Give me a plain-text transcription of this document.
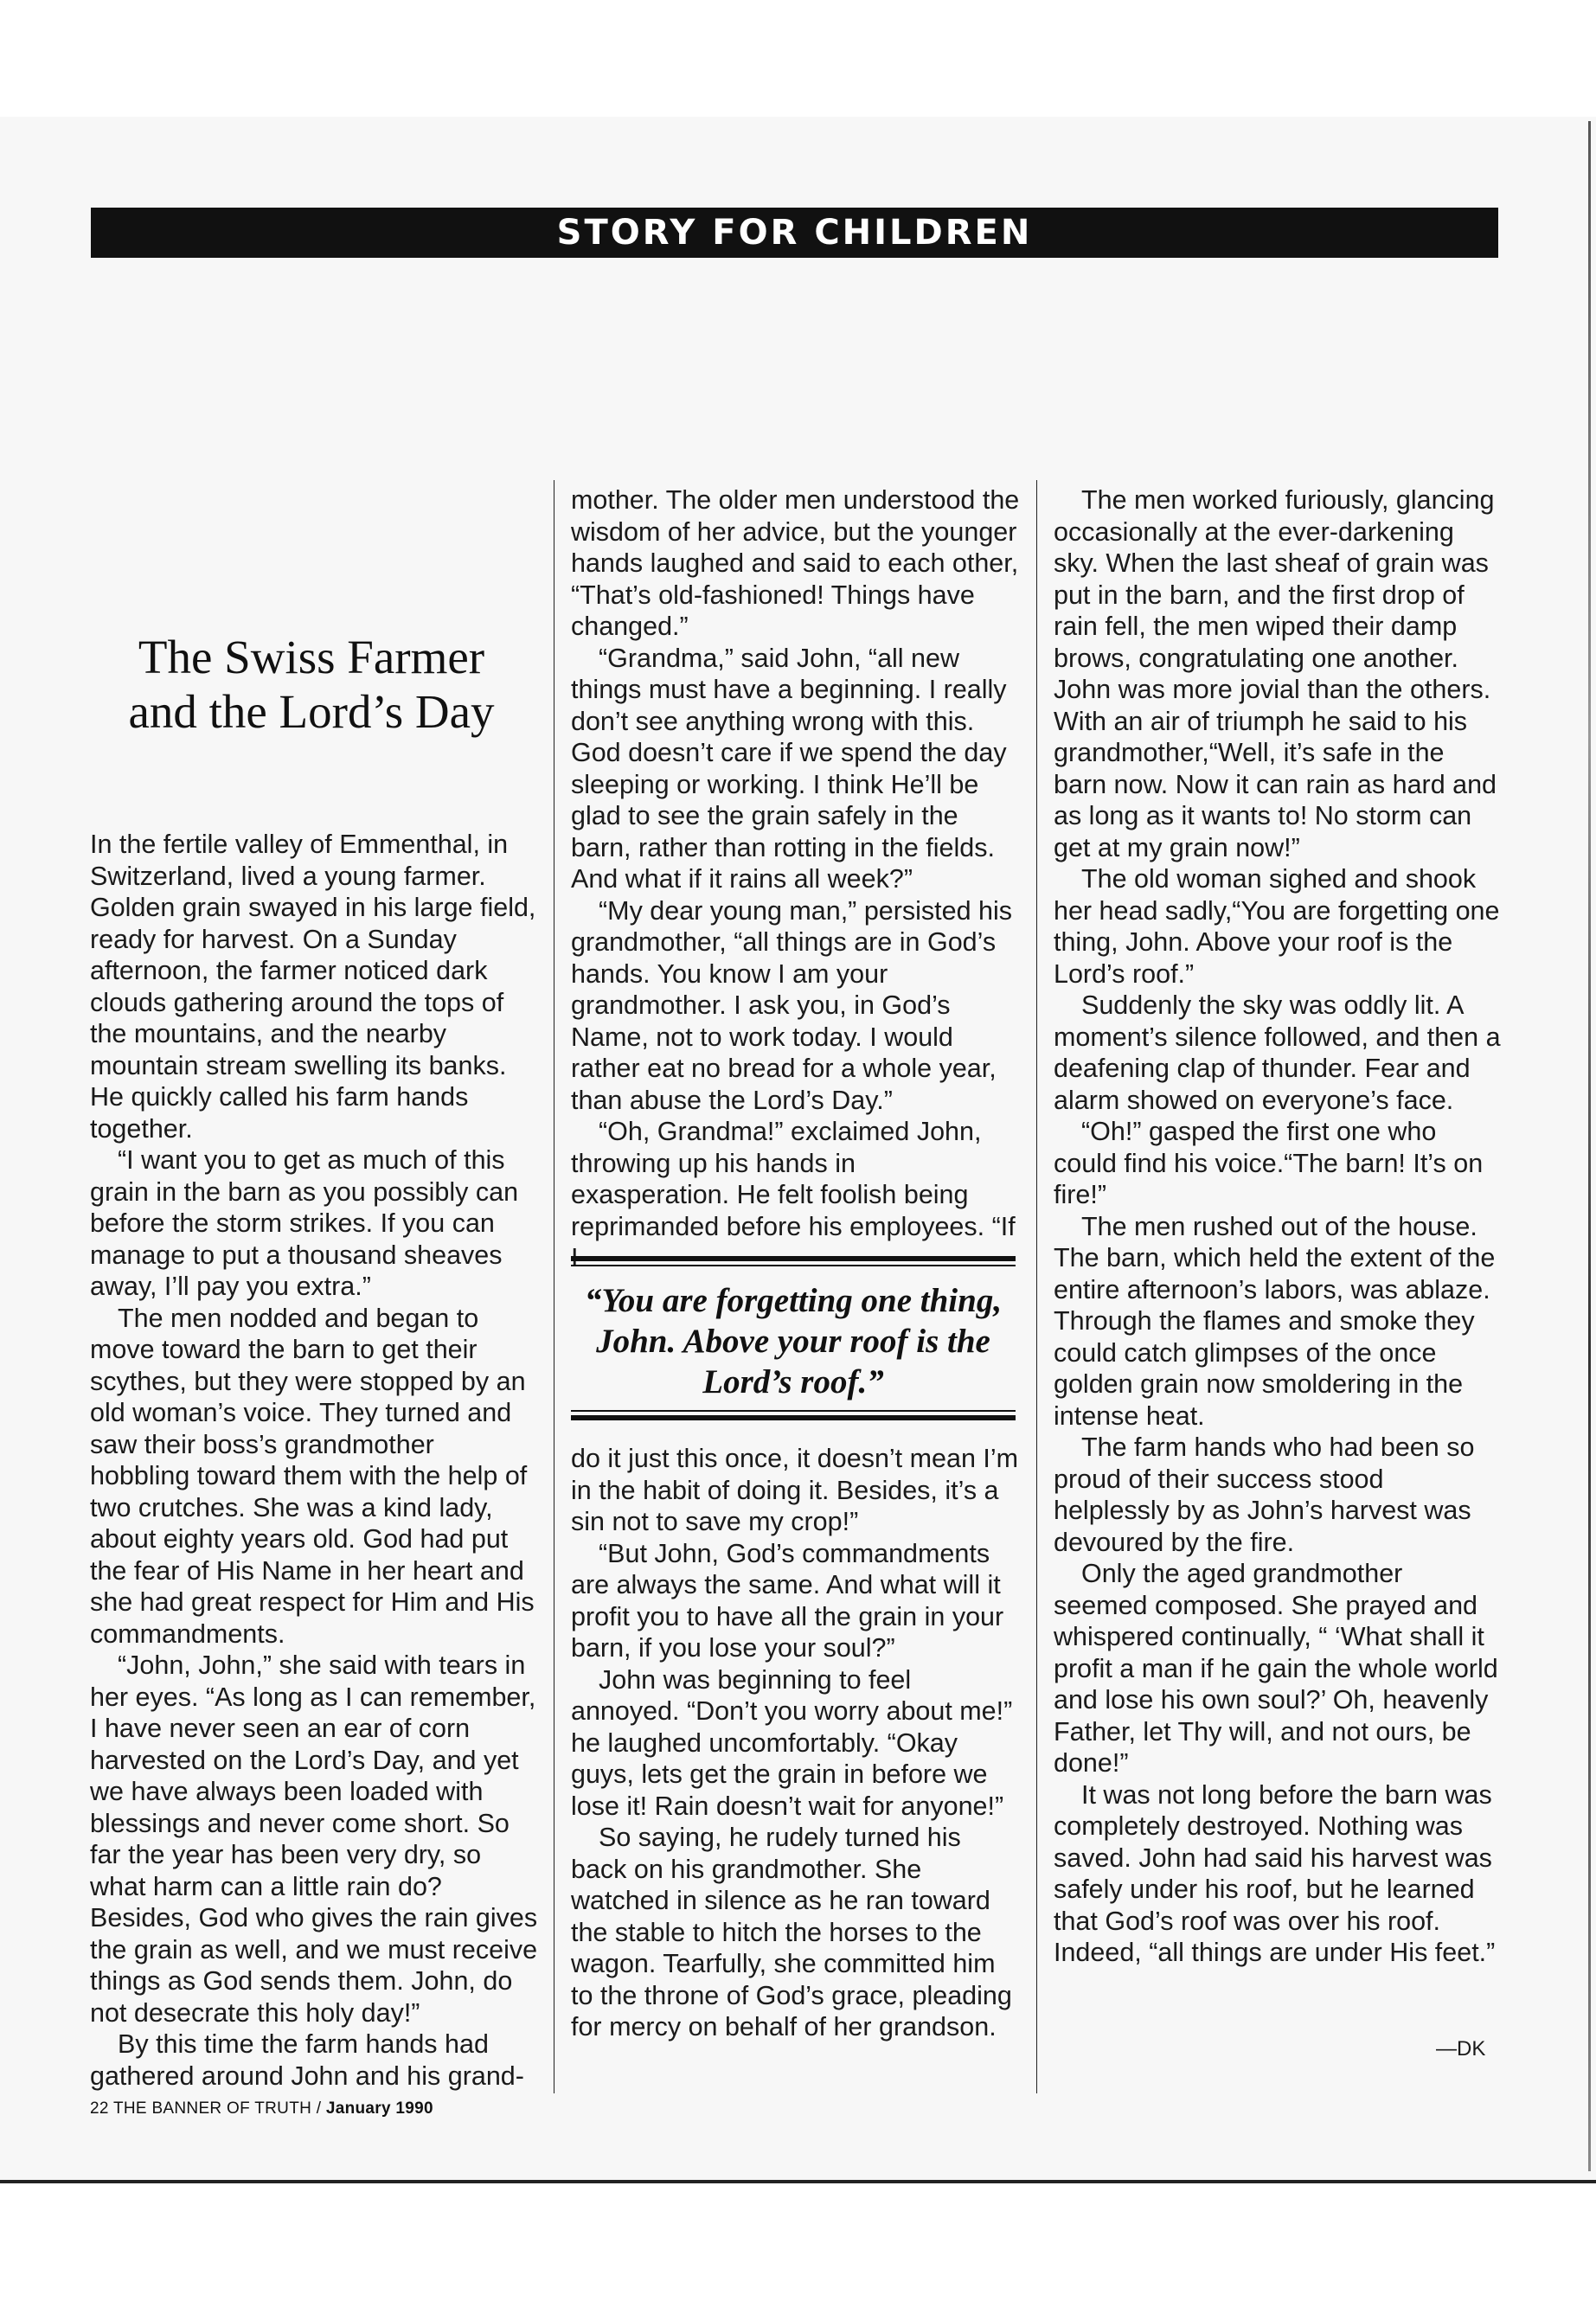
STORY FOR CHILDREN
The Swiss Farmer
and the Lord’s Day

In the fertile valley of Emmenthal, in Switzerland, lived a young farmer. Golden grain swayed in his large field, ready for harvest. On a Sunday afternoon, the farmer noticed dark clouds gathering around the tops of the mountains, and the nearby mountain stream swelling its banks. He quickly called his farm hands together.

“I want you to get as much of this grain in the barn as you possibly can before the storm strikes. If you can manage to put a thousand sheaves away, I’ll pay you extra.”

The men nodded and began to move toward the barn to get their scythes, but they were stopped by an old woman’s voice. They turned and saw their boss’s grandmother hobbling toward them with the help of two crutches. She was a kind lady, about eighty years old. God had put the fear of His Name in her heart and she had great respect for Him and His commandments.

“John, John,” she said with tears in her eyes. “As long as I can remember, I have never seen an ear of corn harvested on the Lord’s Day, and yet we have always been loaded with blessings and never come short. So far the year has been very dry, so what harm can a little rain do? Besides, God who gives the rain gives the grain as well, and we must receive things as God sends them. John, do not desecrate this holy day!”

By this time the farm hands had gathered around John and his grand-

mother. The older men understood the wisdom of her advice, but the younger hands laughed and said to each other, “That’s old-fashioned! Things have changed.”

“Grandma,” said John, “all new things must have a beginning. I really don’t see anything wrong with this. God doesn’t care if we spend the day sleeping or working. I think He’ll be glad to see the grain safely in the barn, rather than rotting in the fields. And what if it rains all week?”

“My dear young man,” persisted his grandmother, “all things are in God’s hands. You know I am your grandmother. I ask you, in God’s Name, not to work today. I would rather eat no bread for a whole year, than abuse the Lord’s Day.”

“Oh, Grandma!” exclaimed John, throwing up his hands in exasperation. He felt foolish being reprimanded before his employees. “If

“You are forgetting one thing, John. Above your roof is the Lord’s roof.”

do it just this once, it doesn’t mean I’m in the habit of doing it. Besides, it’s a sin not to save my crop!”

“But John, God’s commandments are always the same. And what will it profit you to have all the grain in your barn, if you lose your soul?”

John was beginning to feel annoyed. “Don’t you worry about me!” he laughed uncomfortably. “Okay guys, lets get the grain in before we lose it! Rain doesn’t wait for anyone!”

So saying, he rudely turned his back on his grandmother. She watched in silence as he ran toward the stable to hitch the horses to the wagon. Tearfully, she committed him to the throne of God’s grace, pleading for mercy on behalf of her grandson.

The men worked furiously, glancing occasionally at the ever-darkening sky. When the last sheaf of grain was put in the barn, and the first drop of rain fell, the men wiped their damp brows, congratulating one another. John was more jovial than the others. With an air of triumph he said to his grandmother,“Well, it’s safe in the barn now. Now it can rain as hard and as long as it wants to! No storm can get at my grain now!”

The old woman sighed and shook her head sadly,“You are forgetting one thing, John. Above your roof is the Lord’s roof.”

Suddenly the sky was oddly lit. A moment’s silence followed, and then a deafening clap of thunder. Fear and alarm showed on everyone’s face.

“Oh!” gasped the first one who could find his voice.“The barn! It’s on fire!”

The men rushed out of the house. The barn, which held the extent of the entire afternoon’s labors, was ablaze. Through the flames and smoke they could catch glimpses of the once golden grain now smoldering in the intense heat.

The farm hands who had been so proud of their success stood helplessly by as John’s harvest was devoured by the fire.

Only the aged grandmother seemed composed. She prayed and whispered continually, “ ‘What shall it profit a man if he gain the whole world and lose his own soul?’ Oh, heavenly Father, let Thy will, and not ours, be done!”

It was not long before the barn was completely destroyed. Nothing was saved. John had said his harvest was safely under his roof, but he learned that God’s roof was over his roof. Indeed, “all things are under His feet.”

—DK
22 THE BANNER OF TRUTH / January 1990
